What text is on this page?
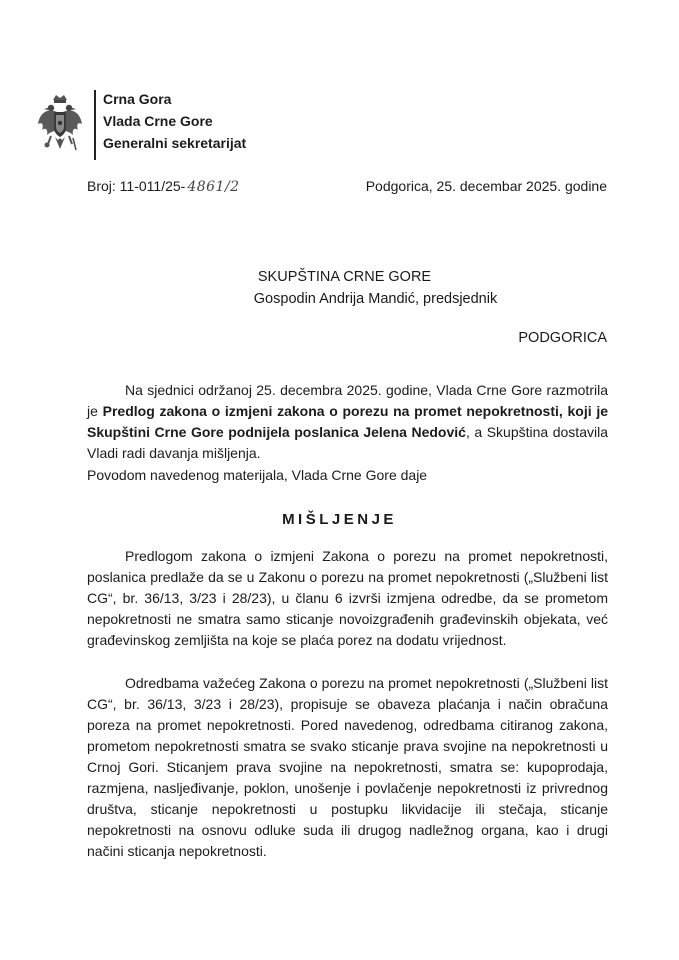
Crna Gora
Vlada Crne Gore
Generalni sekretarijat
Broj: 11-011/25- 4861/2	Podgorica, 25. decembar 2025. godine
SKUPŠTINA CRNE GORE
Gospodin Andrija Mandić, predsjednik
PODGORICA
Na sjednici održanoj 25. decembra 2025. godine, Vlada Crne Gore razmotrila je Predlog zakona o izmjeni zakona o porezu na promet nepokretnosti, koji je Skupštini Crne Gore podnijela poslanica Jelena Nedović, a Skupština dostavila Vladi radi davanja mišljenja.
Povodom navedenog materijala, Vlada Crne Gore daje
MIŠLJENJE
Predlogom zakona o izmjeni Zakona o porezu na promet nepokretnosti, poslanica predlaže da se u Zakonu o porezu na promet nepokretnosti („Službeni list CG“, br. 36/13, 3/23 i 28/23), u članu 6 izvrši izmjena odredbe, da se prometom nepokretnosti ne smatra samo sticanje novoizgrađenih građevinskih objekata, već građevinskog zemljišta na koje se plaća porez na dodatu vrijednost.
Odredbama važećeg Zakona o porezu na promet nepokretnosti („Službeni list CG“, br. 36/13, 3/23 i 28/23), propisuje se obaveza plaćanja i način obračuna poreza na promet nepokretnosti. Pored navedenog, odredbama citiranog zakona, prometom nepokretnosti smatra se svako sticanje prava svojine na nepokretnosti u Crnoj Gori. Sticanjem prava svojine na nepokretnosti, smatra se: kupoprodaja, razmjena, nasljeđivanje, poklon, unošenje i povlačenje nepokretnosti iz privrednog društva, sticanje nepokretnosti u postupku likvidacije ili stečaja, sticanje nepokretnosti na osnovu odluke suda ili drugog nadležnog organa, kao i drugi načini sticanja nepokretnosti.
